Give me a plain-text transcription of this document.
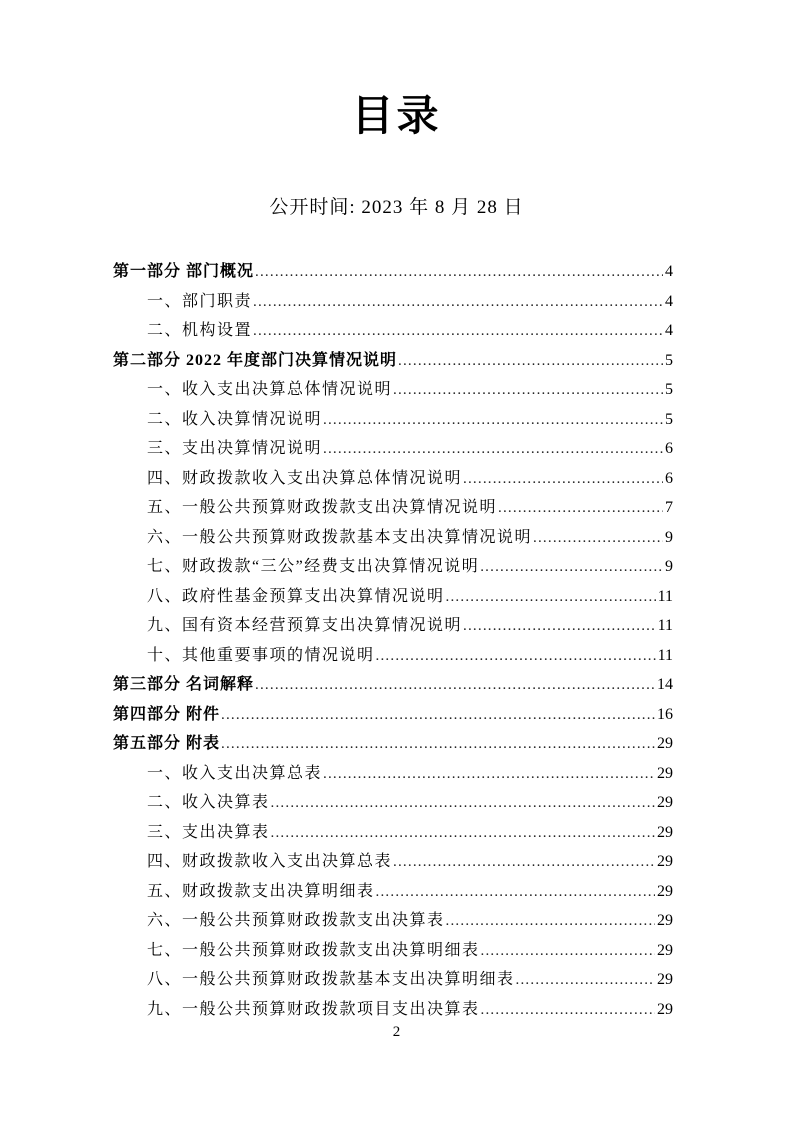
目录
公开时间: 2023 年 8 月 28 日
第一部分 部门概况 .....	4
一、部门职责 .....	4
二、机构设置 .....	4
第二部分 2022 年度部门决算情况说明 .....	5
一、收入支出决算总体情况说明 .....	5
二、收入决算情况说明 .....	5
三、支出决算情况说明 .....	6
四、财政拨款收入支出决算总体情况说明 .....	6
五、一般公共预算财政拨款支出决算情况说明 .....	7
六、一般公共预算财政拨款基本支出决算情况说明 .....	9
七、财政拨款“三公”经费支出决算情况说明 .....	9
八、政府性基金预算支出决算情况说明 .....	11
九、国有资本经营预算支出决算情况说明 .....	11
十、其他重要事项的情况说明 .....	11
第三部分 名词解释 .....	14
第四部分 附件 .....	16
第五部分 附表 .....	29
一、收入支出决算总表 .....	29
二、收入决算表 .....	29
三、支出决算表 .....	29
四、财政拨款收入支出决算总表 .....	29
五、财政拨款支出决算明细表 .....	29
六、一般公共预算财政拨款支出决算表 .....	29
七、一般公共预算财政拨款支出决算明细表 .....	29
八、一般公共预算财政拨款基本支出决算明细表 .....	29
九、一般公共预算财政拨款项目支出决算表 .....	29
2
